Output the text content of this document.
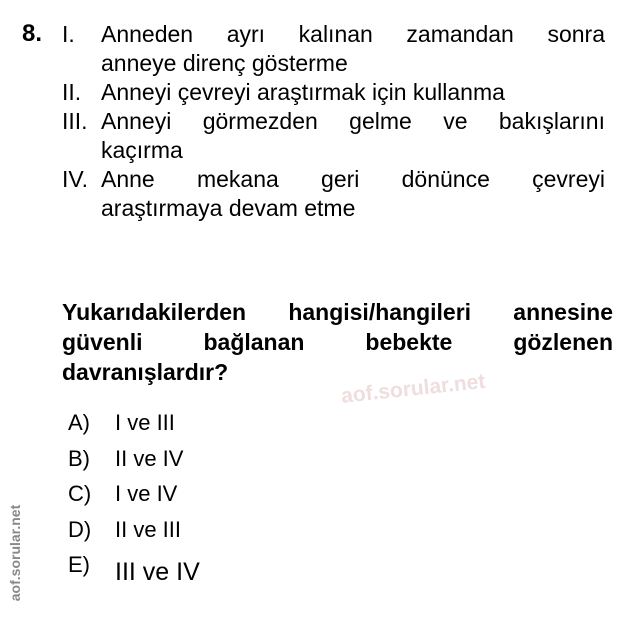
8. I. Anneden ayrı kalınan zamandan sonra
anneye direnç gösterme
II. Anneyi çevreyi araştırmak için kullanma
III. Anneyi görmezden gelme ve bakışlarını
kaçırma
IV. Anne mekana geri dönünce çevreyi
araştırmaya devam etme
Yukarıdakilerden hangisi/hangileri annesine
güvenli bağlanan bebekte gözlenen
davranışlardır?	aof.sorular.net
A) I ve III
B) II ve IV
C) I ve IV
D) II ve III
E) III ve IV
aof.sorular.net
